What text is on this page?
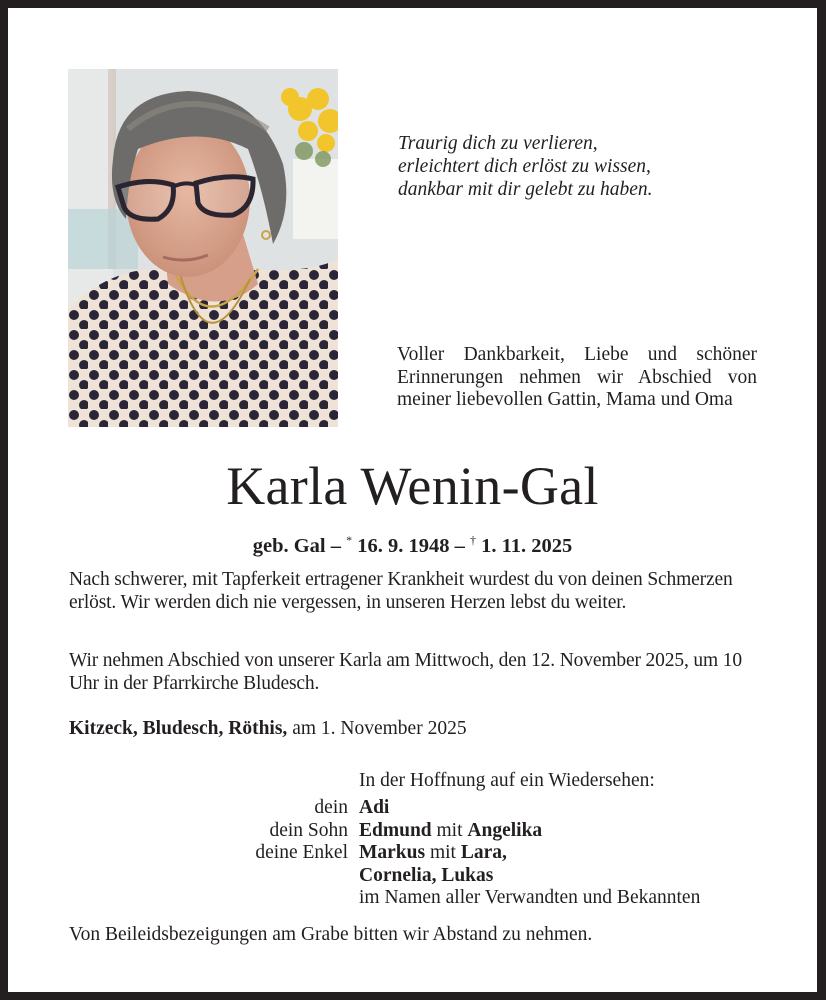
Traurig dich zu verlieren,
erleichtert dich erlöst zu wissen,
dankbar mit dir gelebt zu haben.
Voller Dankbarkeit, Liebe und schöner Erinnerungen nehmen wir Abschied von meiner liebevollen Gattin, Mama und Oma
Karla Wenin-Gal
geb. Gal – * 16. 9. 1948 – † 1. 11. 2025
Nach schwerer, mit Tapferkeit ertragener Krankheit wurdest du von deinen Schmerzen erlöst. Wir werden dich nie vergessen, in unseren Herzen lebst du weiter.
Wir nehmen Abschied von unserer Karla am Mittwoch, den 12. November 2025, um 10 Uhr in der Pfarrkirche Bludesch.
Kitzeck, Bludesch, Röthis, am 1. November 2025
In der Hoffnung auf ein Wiedersehen:
dein Adi
dein Sohn Edmund mit Angelika
deine Enkel Markus mit Lara,
Cornelia, Lukas
im Namen aller Verwandten und Bekannten
Von Beileidsbezeigungen am Grabe bitten wir Abstand zu nehmen.
